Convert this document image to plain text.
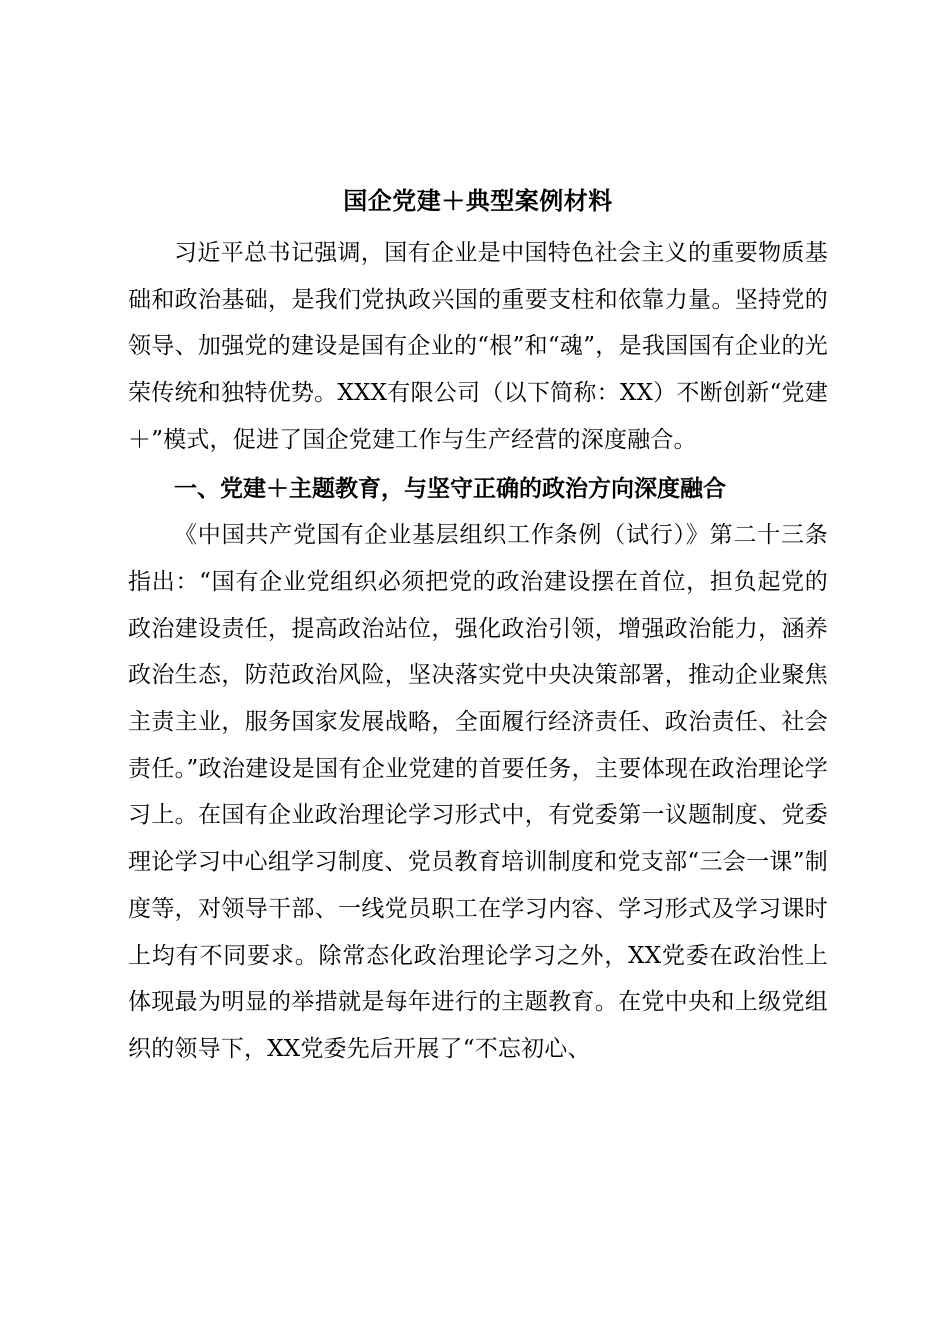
国企党建＋典型案例材料

习近平总书记强调，国有企业是中国特色社会主义的重要物质基础和政治基础，是我们党执政兴国的重要支柱和依靠力量。坚持党的领导、加强党的建设是国有企业的“根”和“魂”，是我国国有企业的光荣传统和独特优势。XXX有限公司（以下简称：XX）不断创新“党建＋”模式，促进了国企党建工作与生产经营的深度融合。

一、党建＋主题教育，与坚守正确的政治方向深度融合

《中国共产党国有企业基层组织工作条例（试行）》第二十三条指出：“国有企业党组织必须把党的政治建设摆在首位，担负起党的政治建设责任，提高政治站位，强化政治引领，增强政治能力，涵养政治生态，防范政治风险，坚决落实党中央决策部署，推动企业聚焦主责主业，服务国家发展战略，全面履行经济责任、政治责任、社会责任。”政治建设是国有企业党建的首要任务，主要体现在政治理论学习上。在国有企业政治理论学习形式中，有党委第一议题制度、党委理论学习中心组学习制度、党员教育培训制度和党支部“三会一课”制度等，对领导干部、一线党员职工在学习内容、学习形式及学习课时上均有不同要求。除常态化政治理论学习之外，XX党委在政治性上体现最为明显的举措就是每年进行的主题教育。在党中央和上级党组织的领导下，XX党委先后开展了“不忘初心、
